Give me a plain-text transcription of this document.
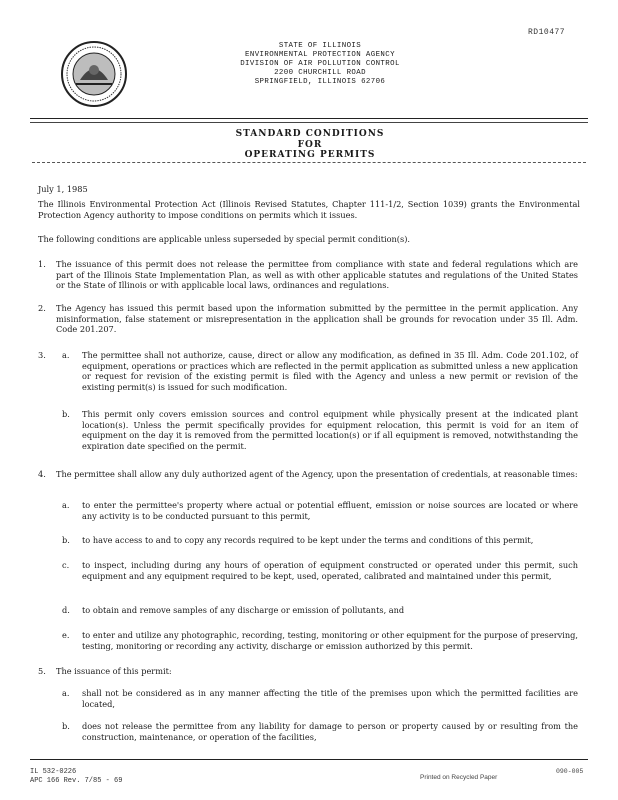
RD10477
STATE OF ILLINOIS
ENVIRONMENTAL PROTECTION AGENCY
DIVISION OF AIR POLLUTION CONTROL
2200 CHURCHILL ROAD
SPRINGFIELD, ILLINOIS 62706
STANDARD CONDITIONS
FOR
OPERATING PERMITS
July 1, 1985
The Illinois Environmental Protection Act (Illinois Revised Statutes, Chapter 111-1/2, Section 1039) grants the Environmental Protection Agency authority to impose conditions on permits which it issues.
The following conditions are applicable unless superseded by special permit condition(s).
1. The issuance of this permit does not release the permittee from compliance with state and federal regulations which are part of the Illinois State Implementation Plan, as well as with other applicable statutes and regulations of the United States or the State of Illinois or with applicable local laws, ordinances and regulations.
2. The Agency has issued this permit based upon the information submitted by the permittee in the permit application. Any misinformation, false statement or misrepresentation in the application shall be grounds for revocation under 35 Ill. Adm. Code 201.207.
3. a. The permittee shall not authorize, cause, direct or allow any modification, as defined in 35 Ill. Adm. Code 201.102, of equipment, operations or practices which are reflected in the permit application as submitted unless a new application or request for revision of the existing permit is filed with the Agency and unless a new permit or revision of the existing permit(s) is issued for such modification.
b. This permit only covers emission sources and control equipment while physically present at the indicated plant location(s). Unless the permit specifically provides for equipment relocation, this permit is void for an item of equipment on the day it is removed from the permitted location(s) or if all equipment is removed, notwithstanding the expiration date specified on the permit.
4. The permittee shall allow any duly authorized agent of the Agency, upon the presentation of credentials, at reasonable times:
a. to enter the permittee's property where actual or potential effluent, emission or noise sources are located or where any activity is to be conducted pursuant to this permit,
b. to have access to and to copy any records required to be kept under the terms and conditions of this permit,
c. to inspect, including during any hours of operation of equipment constructed or operated under this permit, such equipment and any equipment required to be kept, used, operated, calibrated and maintained under this permit,
d. to obtain and remove samples of any discharge or emission of pollutants, and
e. to enter and utilize any photographic, recording, testing, monitoring or other equipment for the purpose of preserving, testing, monitoring or recording any activity, discharge or emission authorized by this permit.
5. The issuance of this permit:
a. shall not be considered as in any manner affecting the title of the premises upon which the permitted facilities are located,
b. does not release the permittee from any liability for damage to person or property caused by or resulting from the construction, maintenance, or operation of the facilities,
IL 532-0226
APC 166 Rev. 7/85 - 69	Printed on Recycled Paper
090-005
